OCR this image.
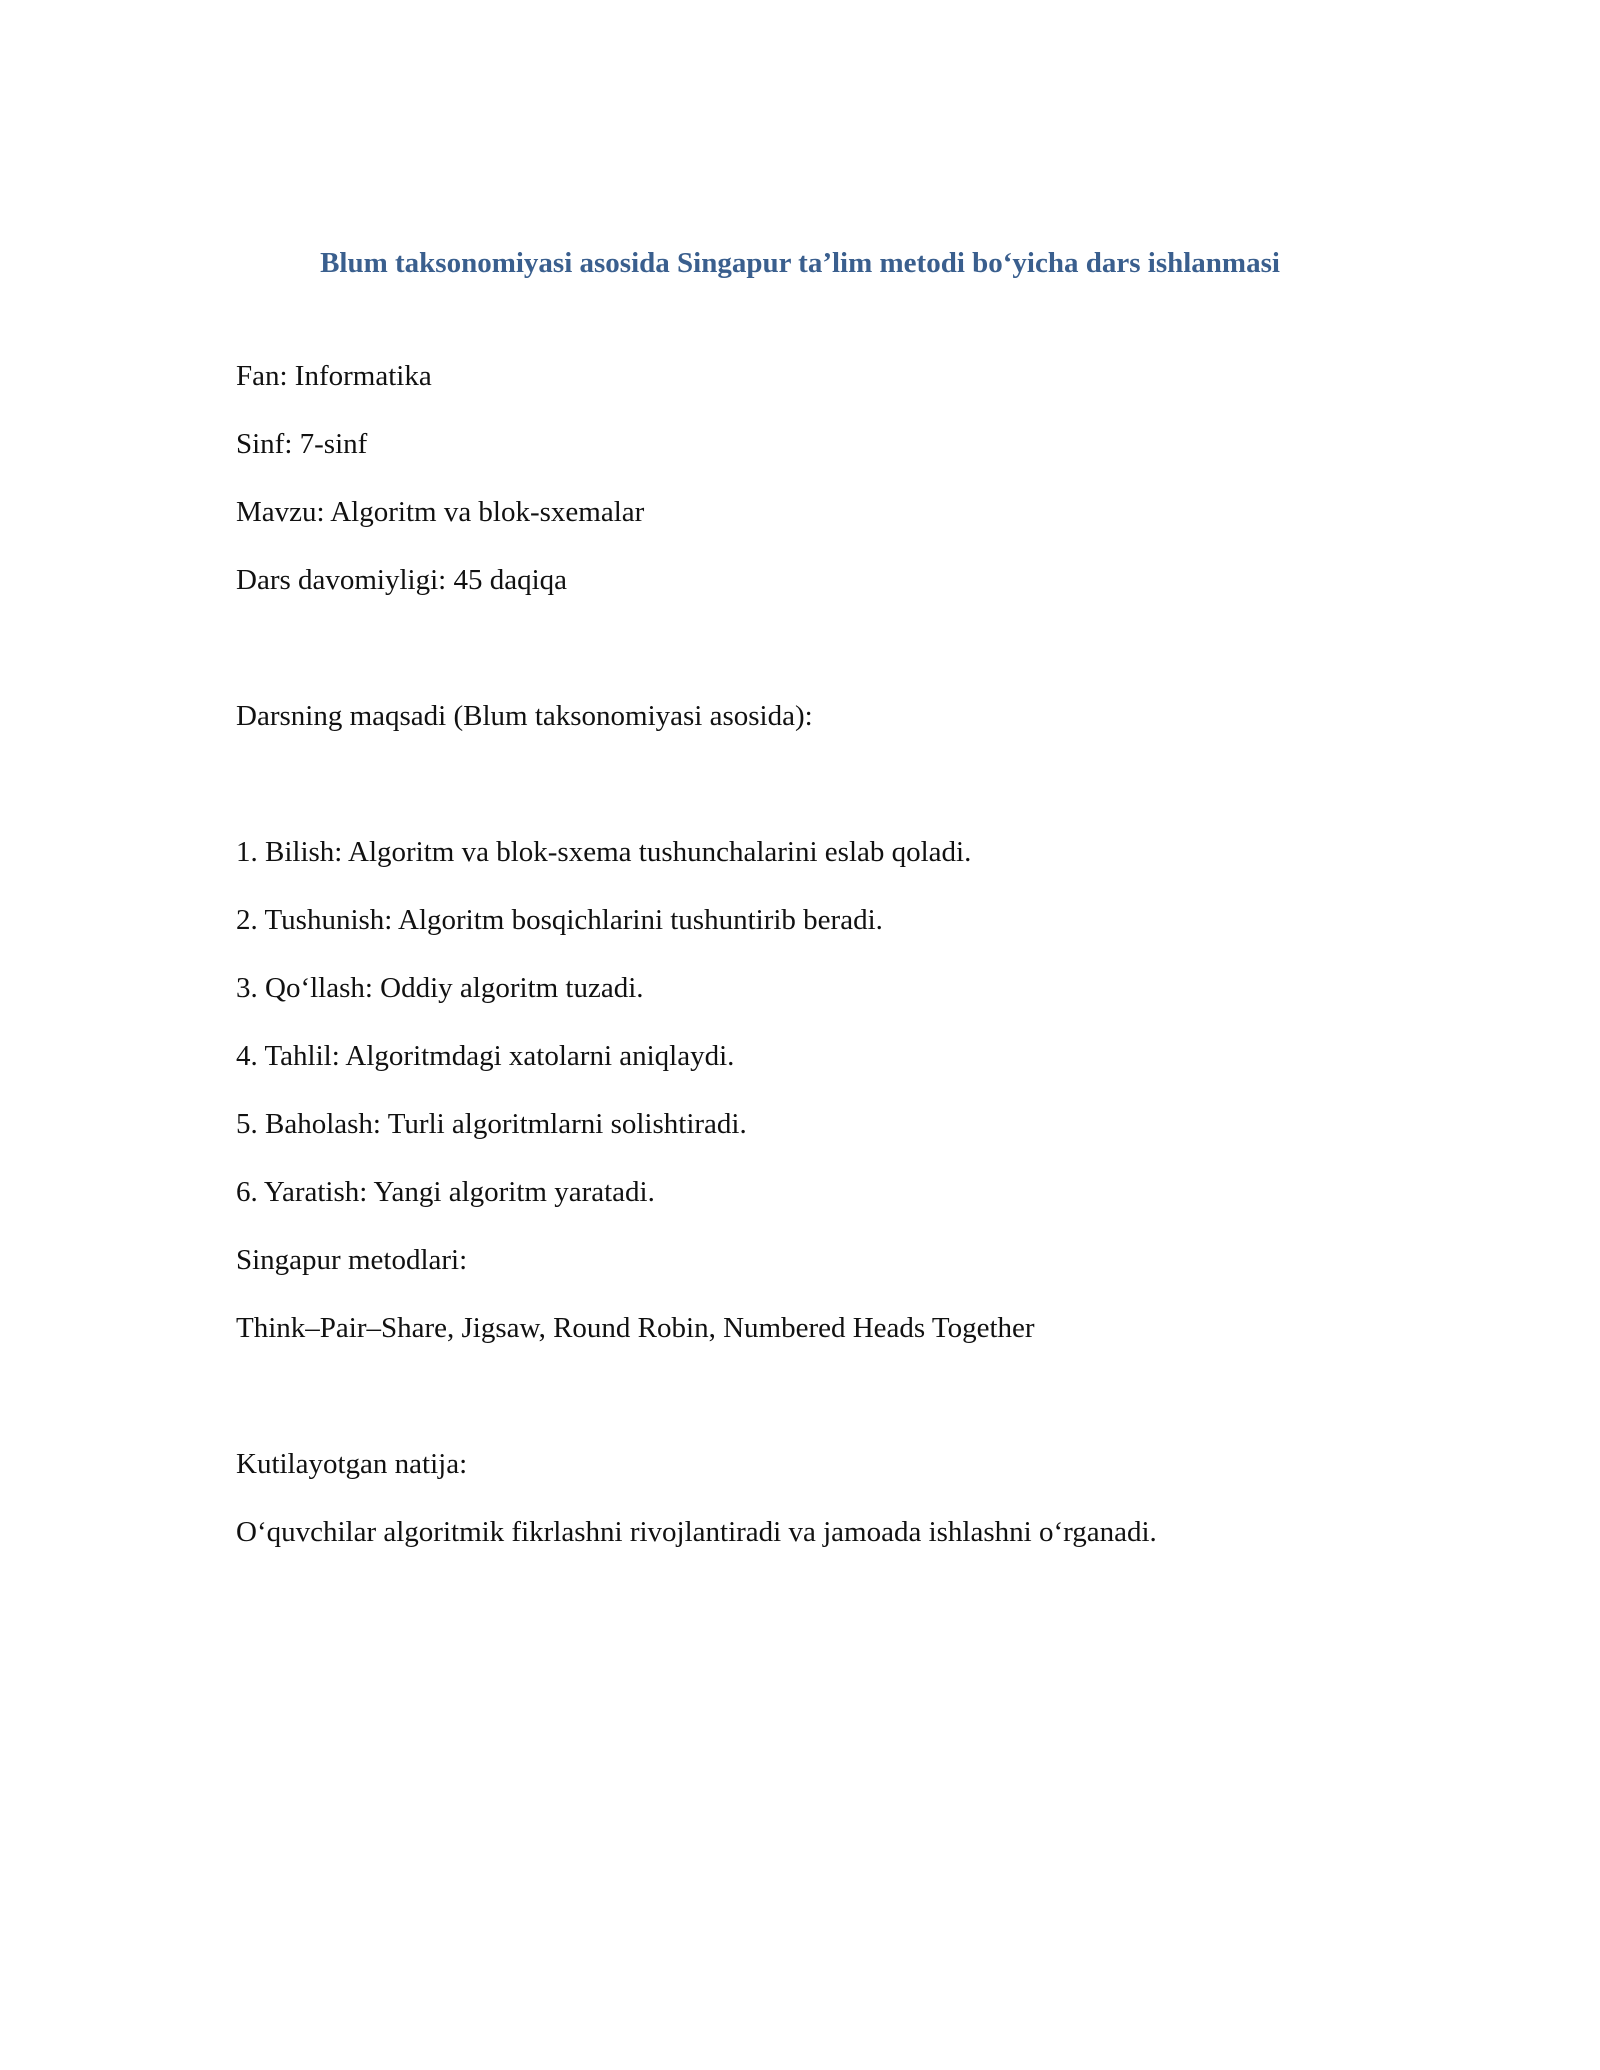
Blum taksonomiyasi asosida Singapur ta’lim metodi bo‘yicha dars ishlanmasi

Fan: Informatika

Sinf: 7-sinf

Mavzu: Algoritm va blok-sxemalar

Dars davomiyligi: 45 daqiqa

Darsning maqsadi (Blum taksonomiyasi asosida):

1. Bilish: Algoritm va blok-sxema tushunchalarini eslab qoladi.

2. Tushunish: Algoritm bosqichlarini tushuntirib beradi.

3. Qo‘llash: Oddiy algoritm tuzadi.

4. Tahlil: Algoritmdagi xatolarni aniqlaydi.

5. Baholash: Turli algoritmlarni solishtiradi.

6. Yaratish: Yangi algoritm yaratadi.

Singapur metodlari:

Think–Pair–Share, Jigsaw, Round Robin, Numbered Heads Together

Kutilayotgan natija:

O‘quvchilar algoritmik fikrlashni rivojlantiradi va jamoada ishlashni o‘rganadi.
